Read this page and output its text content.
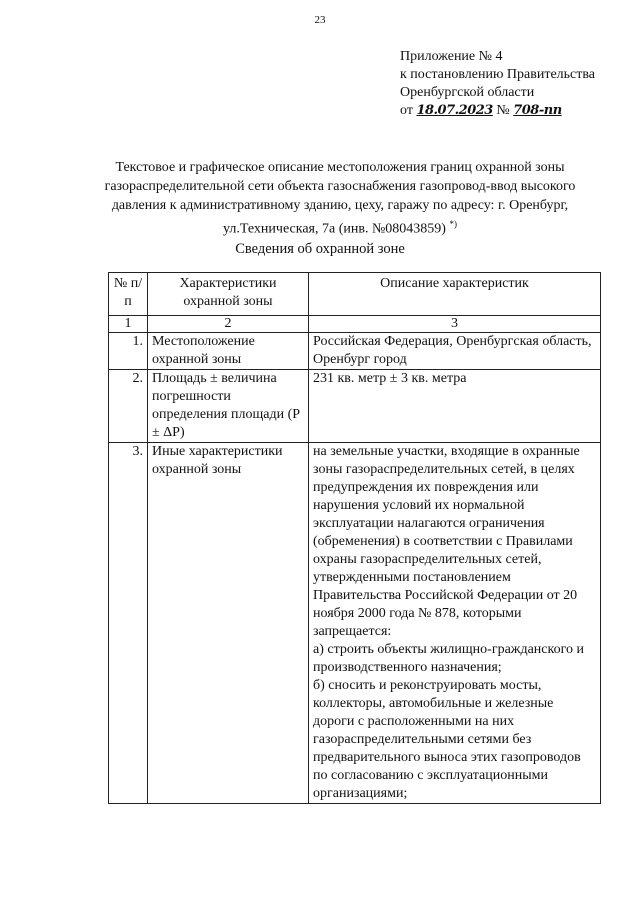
23
Приложение № 4
к постановлению Правительства
Оренбургской области
от 18.07.2023 № 708-пп
Текстовое и графическое описание местоположения границ охранной зоны газораспределительной сети объекта газоснабжения газопровод-ввод высокого давления к административному зданию, цеху, гаражу по адресу: г. Оренбург, ул.Техническая, 7а (инв. №08043859) *)
Сведения об охранной зоне
№ п/п	Характеристики охранной зоны	Описание характеристик
1	2	3
1.	Местоположение охранной зоны	Российская Федерация, Оренбургская область, Оренбург город
2.	Площадь ± величина погрешности определения площади (P ± ΔP)	231 кв. метр ± 3 кв. метра
3.	Иные характеристики охранной зоны	на земельные участки, входящие в охранные зоны газораспределительных сетей, в целях предупреждения их повреждения или нарушения условий их нормальной эксплуатации налагаются ограничения (обременения) в соответствии с Правилами охраны газораспределительных сетей, утвержденными постановлением Правительства Российской Федерации от 20 ноября 2000 года № 878, которыми запрещается:
а) строить объекты жилищно-гражданского и производственного назначения;
б) сносить и реконструировать мосты, коллекторы, автомобильные и железные дороги с расположенными на них газораспределительными сетями без предварительного выноса этих газопроводов по согласованию с эксплуатационными организациями;
